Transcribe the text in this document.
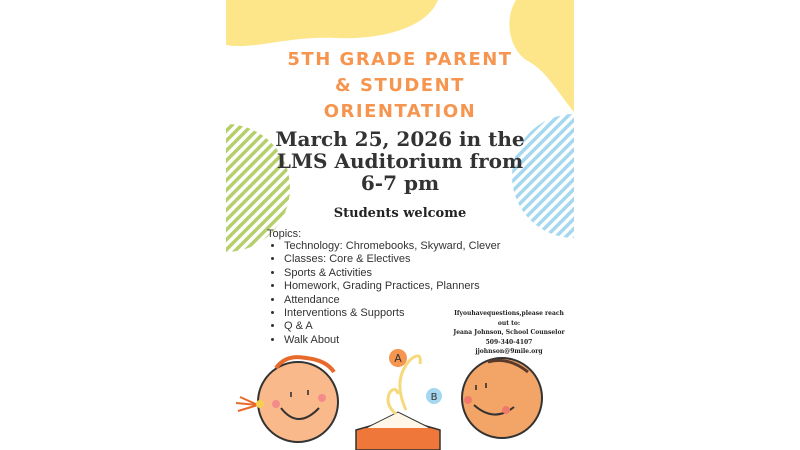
A
B
5TH GRADE PARENT
& STUDENT
ORIENTATION
March 25, 2026 in the
LMS Auditorium from
6-7 pm
Students welcome
Topics:
• Technology: Chromebooks, Skyward, Clever
• Classes: Core & Electives
• Sports & Activities
• Homework, Grading Practices, Planners
• Attendance
• Interventions & Supports
• Q & A
• Walk About
Ifyouhavequestions,please reach out to:
Jeana Johnson, School Counselor
509-340-4107
jjohnson@9mile.org
